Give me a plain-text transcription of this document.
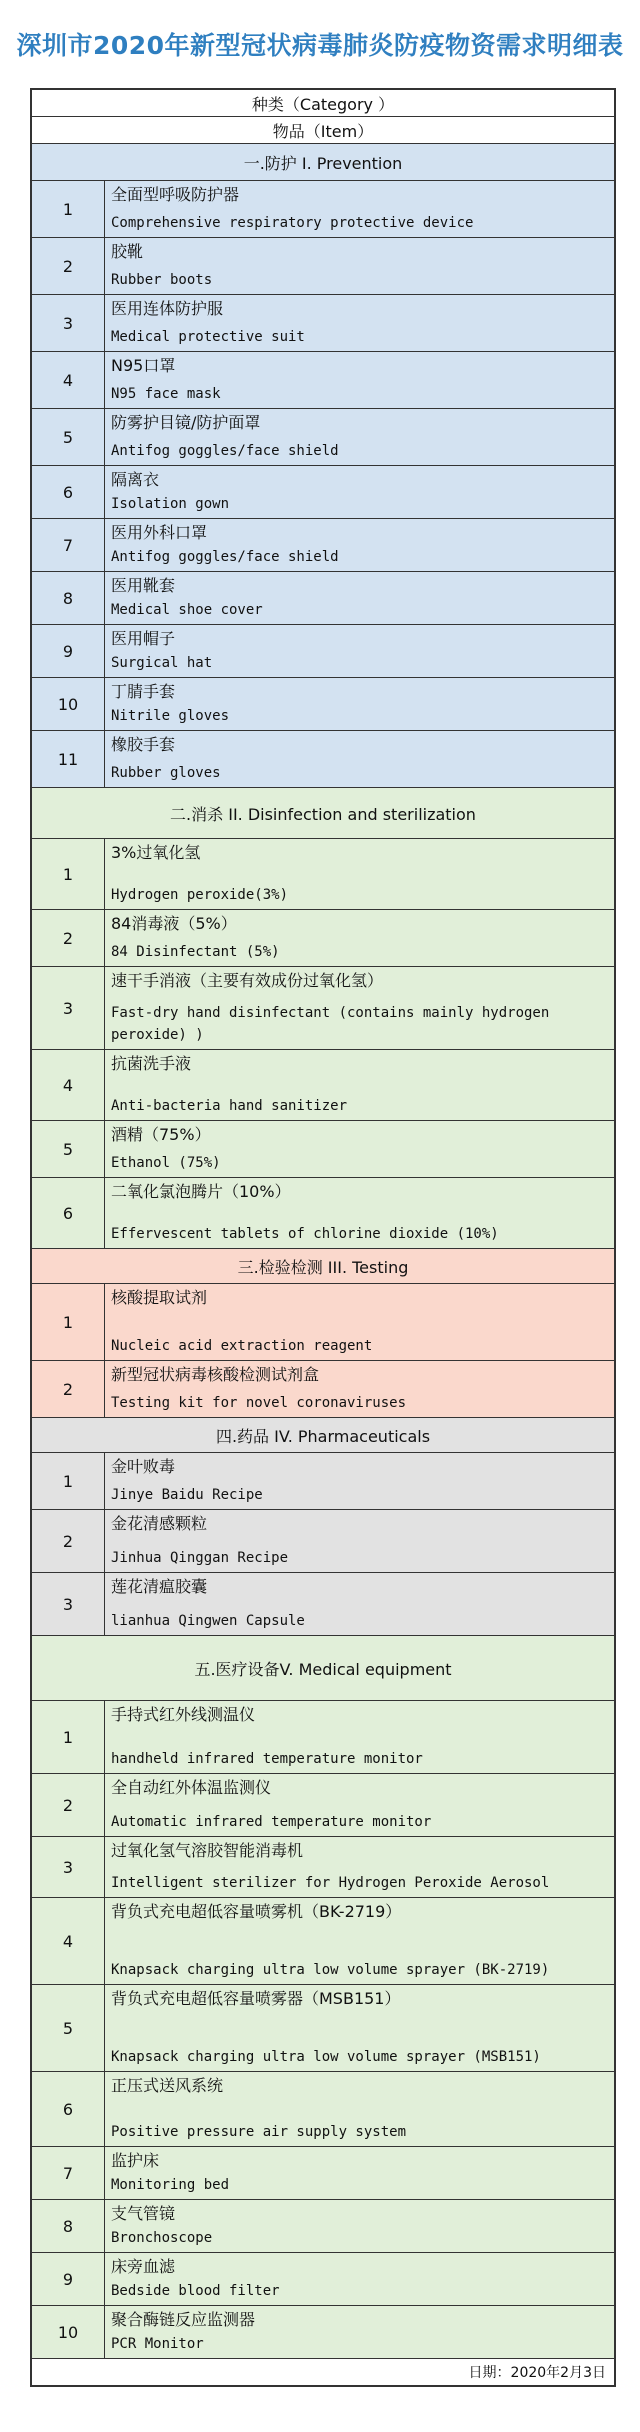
深圳市2020年新型冠状病毒肺炎防疫物资需求明细表
种类（Category ）
物品（Item）
一.防护 I. Prevention
1
全面型呼吸防护器
Comprehensive respiratory protective device
2
胶靴
Rubber boots
3
医用连体防护服
Medical protective suit
4
N95口罩
N95 face mask
5
防雾护目镜/防护面罩
Antifog goggles/face shield
6
隔离衣
Isolation gown
7
医用外科口罩
Antifog goggles/face shield
8
医用靴套
Medical shoe cover
9
医用帽子
Surgical hat
10
丁腈手套
Nitrile gloves
11
橡胶手套
Rubber gloves
二.消杀 II. Disinfection and sterilization
1
3%过氧化氢
Hydrogen peroxide(3%)
2
84消毒液（5%）
84 Disinfectant (5%)
3
速干手消液（主要有效成份过氧化氢）
Fast-dry hand disinfectant (contains mainly hydrogen peroxide) )
4
抗菌洗手液
Anti-bacteria hand sanitizer
5
酒精（75%）
Ethanol (75%)
6
二氧化氯泡腾片（10%）
Effervescent tablets of chlorine dioxide (10%)
三.检验检测 III. Testing
1
核酸提取试剂
Nucleic acid extraction reagent
2
新型冠状病毒核酸检测试剂盒
Testing kit for novel coronaviruses
四.药品 IV. Pharmaceuticals
1
金叶败毒
Jinye Baidu Recipe
2
金花清感颗粒
Jinhua Qinggan Recipe
3
莲花清瘟胶囊
lianhua Qingwen Capsule
五.医疗设备V. Medical equipment
1
手持式红外线测温仪
handheld infrared temperature monitor
2
全自动红外体温监测仪
Automatic infrared temperature monitor
3
过氧化氢气溶胶智能消毒机
Intelligent sterilizer for Hydrogen Peroxide Aerosol
4
背负式充电超低容量喷雾机（BK-2719）
Knapsack charging ultra low volume sprayer (BK-2719)
5
背负式充电超低容量喷雾器（MSB151）
Knapsack charging ultra low volume sprayer (MSB151)
6
正压式送风系统
Positive pressure air supply system
7
监护床
Monitoring bed
8
支气管镜
Bronchoscope
9
床旁血滤
Bedside blood filter
10
聚合酶链反应监测器
PCR Monitor
日期：2020年2月3日
